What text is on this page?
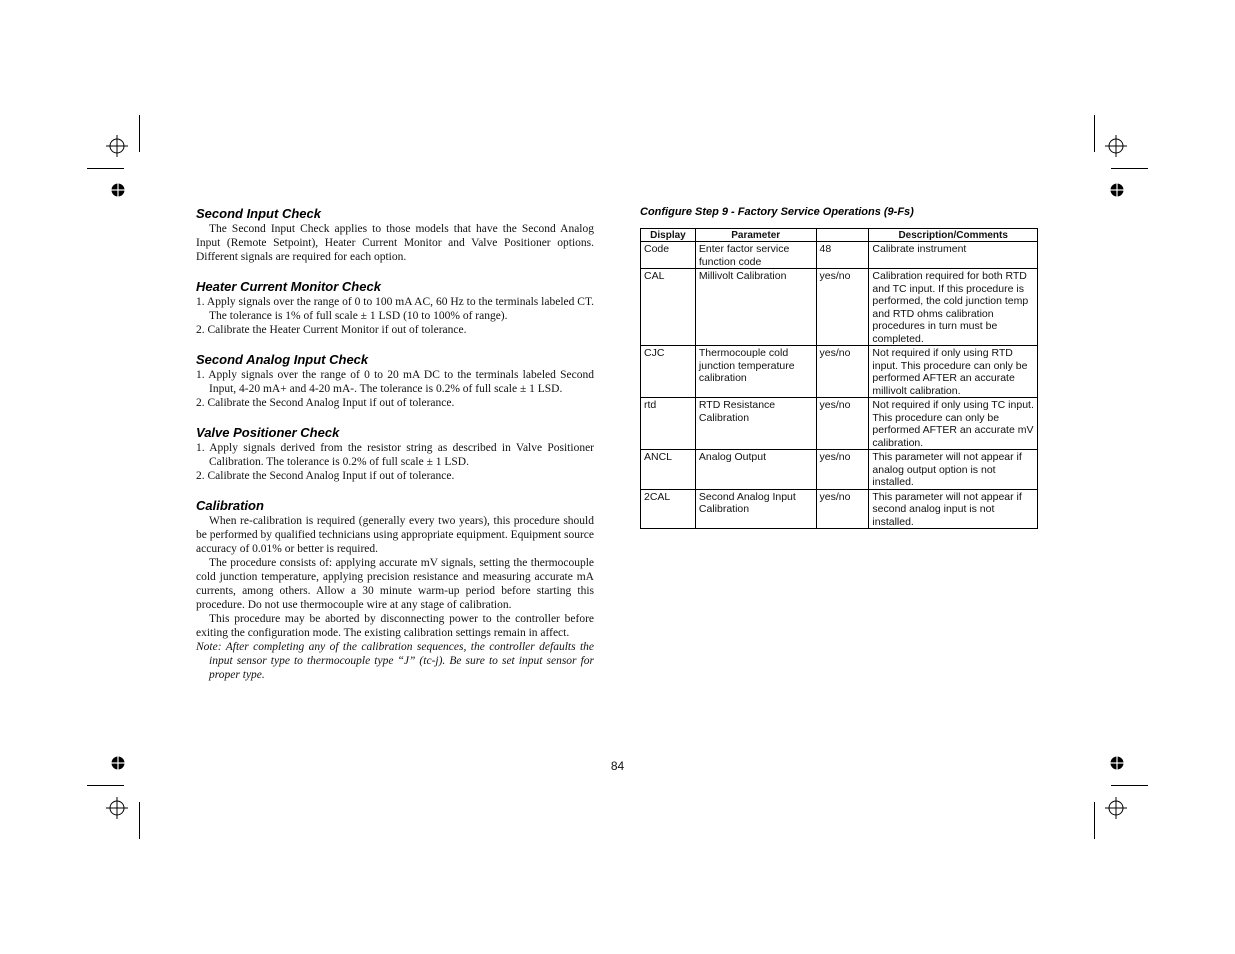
Second Input Check

The Second Input Check applies to those models that have the Second Analog Input (Remote Setpoint), Heater Current Monitor and Valve Positioner options. Different signals are required for each option.

Heater Current Monitor Check

1. Apply signals over the range of 0 to 100 mA AC, 60 Hz to the terminals labeled CT. The tolerance is 1% of full scale ± 1 LSD (10 to 100% of range).

2. Calibrate the Heater Current Monitor if out of tolerance.

Second Analog Input Check

1. Apply signals over the range of 0 to 20 mA DC to the terminals labeled Second Input, 4-20 mA+ and 4-20 mA-. The tolerance is 0.2% of full scale ± 1 LSD.

2. Calibrate the Second Analog Input if out of tolerance.

Valve Positioner Check

1. Apply signals derived from the resistor string as described in Valve Positioner Calibration. The tolerance is 0.2% of full scale ± 1 LSD.

2. Calibrate the Second Analog Input if out of tolerance.

Calibration

When re-calibration is required (generally every two years), this procedure should be performed by qualified technicians using appropriate equipment. Equipment source accuracy of 0.01% or better is required.

The procedure consists of: applying accurate mV signals, setting the thermocouple cold junction temperature, applying precision resistance and measuring accurate mA currents, among others. Allow a 30 minute warm-up period before starting this procedure. Do not use thermocouple wire at any stage of calibration.

This procedure may be aborted by disconnecting power to the controller before exiting the configuration mode. The existing calibration settings remain in affect.

Note: After completing any of the calibration sequences, the controller defaults the input sensor type to thermocouple type “J” (tc-j). Be sure to set input sensor for proper type.

Configure Step 9 - Factory Service Operations (9-Fs)

Display	Parameter		Description/Comments
Code	Enter factor service function code	48	Calibrate instrument
CAL	Millivolt Calibration	yes/no	Calibration required for both RTD and TC input. If this procedure is performed, the cold junction temp and RTD ohms calibration procedures in turn must be completed.
CJC	Thermocouple cold junction temperature calibration	yes/no	Not required if only using RTD input. This procedure can only be performed AFTER an accurate millivolt calibration.
rtd	RTD Resistance Calibration	yes/no	Not required if only using TC input. This procedure can only be performed AFTER an accurate mV calibration.
ANCL	Analog Output	yes/no	This parameter will not appear if analog output option is not installed.
2CAL	Second Analog Input Calibration	yes/no	This parameter will not appear if second analog input is not installed.
84
